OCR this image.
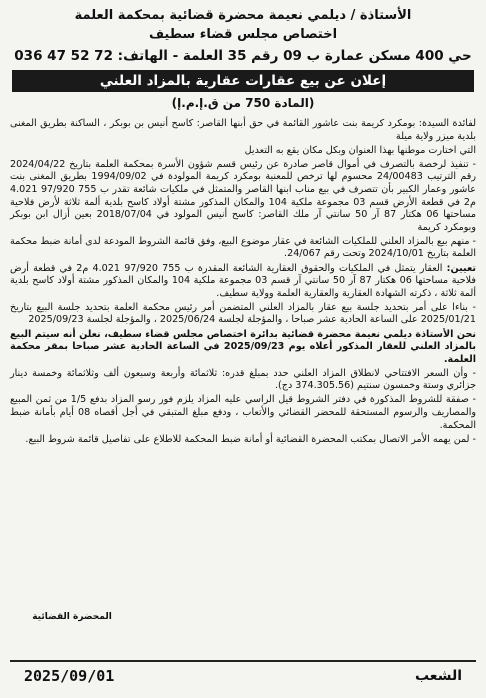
الأستاذة / ديلمي نعيمة محضرة قضائية بمحكمة العلمة
اختصاص مجلس قضاء سطيف
حي 400 مسكن عمارة ب 09 رقم 35 العلمة - الهاتف: 72 52 47 036
إعلان عن بيع عقارات عقارية بالمزاد العلني
(المادة 750 من ق.إ.م.إ)

لفائدة السيدة: بومكرد كريمة بنت عاشور القائمة في حق أبنها القاصر: كاسح أنيس بن بوبكر ، الساكنة بطريق المغنى بلدية ميزر ولاية ميلة

التي اختارت موطنها بهذا العنوان وبكل مكان يقع به التعديل

- تنفيذ لرخصة بالتصرف في أموال قاصر صادرة عن رئيس قسم شؤون الأسرة بمحكمة العلمة بتاريخ 2024/04/22 رقم الترتيب 24/00483 محسوم لها ترخص للمعنية بومكرد كريمة المولودة في 1994/09/02 بطريق المغنى بنت عاشور وعمار الكبير بأن تتصرف في بيع مناب ابنها القاصر والمتمثل في ملكيات شائعة تقدر ب 755 97/920 4.021 م2 في قطعة الأرض قسم 03 مجموعة ملكية 104 والمكان المذكور مشتة أولاد كاسح بلدية ألمة ثلاثة لأرض فلاحية مساحتها 06 هكتار 87 آر 50 سانتي آر ملك القاصر: كاسح أنيس المولود في 2018/07/04 بعين أزال ابن بوبكر وبومكرد كريمة

- منهم بيع بالمزاد العلني للملكيات الشائعة في عقار موضوع البيع، وفق قائمة الشروط المودعة لدى أمانة ضبط محكمة العلمة بتاريخ 2024/10/01 وتحت رقم 24/067.

تعيين: العقار يتمثل في الملكيات والحقوق العقارية الشائعة المقدرة ب 755 97/920 4.021 م2 في قطعة أرض فلاحية مساحتها 06 هكتار 87 آر 50 سانتي آر قسم 03 مجموعة ملكية 104 والمكان المذكور مشتة أولاد كاسح بلدية ألمة ثلاثة ، ذكرته الشهادة العقارية والعقارية العلمة وولاية سطيف.

- بناءا على أمر بتحديد جلسة بيع عقار بالمزاد العلني المتضمن أمر رئيس محكمة العلمة بتحديد جلسة البيع بتاريخ 2025/01/21 على الساعة الحادية عشر صباحا ، والمؤجلة لجلسة 2025/06/24 ، والمؤجلة لجلسة 2025/09/23

نحن الأستاذة ديلمي نعيمة محضرة قضائية بدائرة اختصاص مجلس قضاء سطيف، نعلن أنه سيتم البيع بالمزاد العلني للعقار المذكور أعلاه يوم 2025/09/23 في الساعة الحادية عشر صباحا بمقر محكمة العلمة.

- وأن السعر الافتتاحي لانطلاق المزاد العلني حدد بمبلغ قدره: ثلاثمائة وأربعة وسبعون ألف وثلاثمائة وخمسة دينار جزائري وستة وخمسون سنتيم (374.305.56 دج).

- صفقة للشروط المذكورة في دفتر الشروط قيل الراسي عليه المزاد يلزم فور رسو المزاد بدفع 1/5 من ثمن المبيع والمصاريف والرسوم المستحقة للمحضر القضائي والأتعاب ، ودفع مبلغ المتبقي في أجل أقصاه 08 أيام بأمانة ضبط المحكمة.

- لمن يهمه الأمر الاتصال بمكتب المحضرة القضائية أو أمانة ضبط المحكمة للاطلاع على تفاصيل قائمة شروط البيع.

المحضرة القضائية
الشعب
2025/09/01
